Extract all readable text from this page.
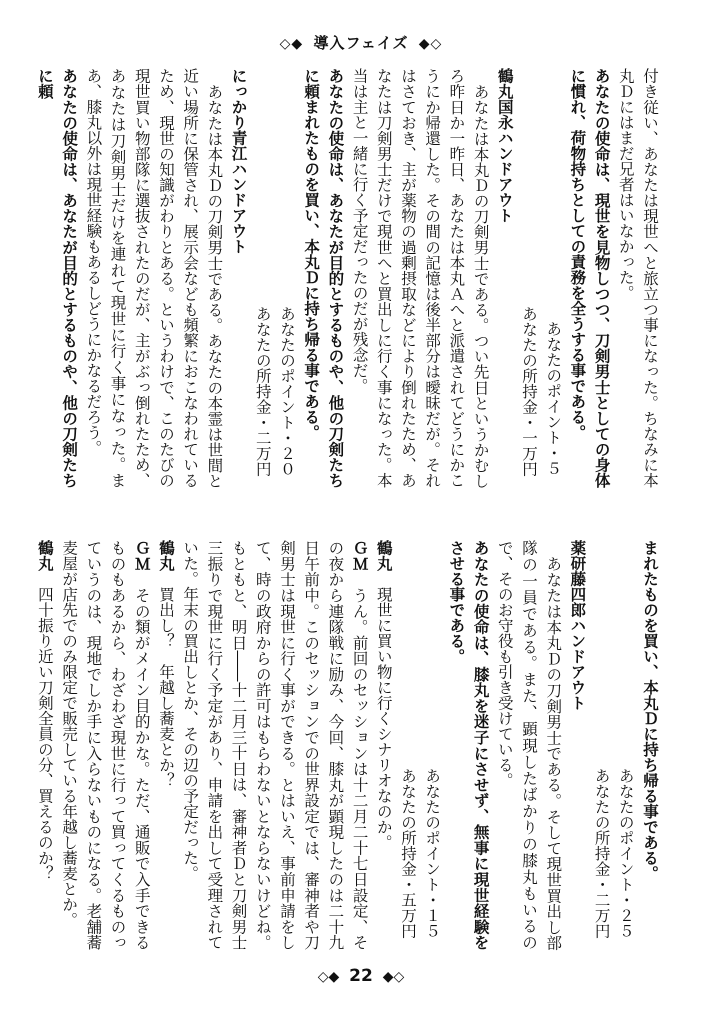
◇◆ 導入フェイズ ◆◇

付き従い、あなたは現世へと旅立つ事になった。ちなみに本丸Ｄにはまだ兄者はいなかった。

あなたの使命は、現世を見物しつつ、刀剣男士としての身体に慣れ、荷物持ちとしての責務を全うする事である。

あなたのポイント・５

あなたの所持金・一万円

鶴丸国永ハンドアウト

あなたは本丸Ｄの刀剣男士である。つい先日というかむしろ昨日か一昨日、あなたは本丸Ａへと派遣されてどうにかこうにか帰還した。その間の記憶は後半部分は曖昧だが。それはさておき、主が薬物の過剰摂取などにより倒れたため、あなたは刀剣男士だけで現世へと買出しに行く事になった。本当は主と一緒に行く予定だったのだが残念だ。

あなたの使命は、あなたが目的とするものや、他の刀剣たちに頼まれたものを買い、本丸Ｄに持ち帰る事である。

あなたのポイント・２０

あなたの所持金・二万円

にっかり青江ハンドアウト

あなたは本丸Ｄの刀剣男士である。あなたの本霊は世間と近い場所に保管され、展示会なども頻繁におこなわれているため、現世の知識がわりとある。というわけで、このたびの現世買い物部隊に選抜されたのだが、主がぶっ倒れたため、あなたは刀剣男士だけを連れて現世に行く事になった。まあ、膝丸以外は現世経験もあるしどうにかなるだろう。

あなたの使命は、あなたが目的とするものや、他の刀剣たちに頼

まれたものを買い、本丸Ｄに持ち帰る事である。

あなたのポイント・２５

あなたの所持金・二万円

薬研藤四郎ハンドアウト

あなたは本丸Ｄの刀剣男士である。そして現世買出し部隊の一員である。また、顕現したばかりの膝丸もいるので、そのお守役も引き受けている。

あなたの使命は、膝丸を迷子にさせず、無事に現世経験をさせる事である。

あなたのポイント・１５

あなたの所持金・五万円

鶴丸　現世に買い物に行くシナリオなのか。

ＧＭ　うん。前回のセッションは十二月二十七日設定、その夜から連隊戦に励み、今回、膝丸が顕現したのは二十九日午前中。このセッションでの世界設定では、審神者や刀剣男士は現世に行く事ができる。とはいえ、事前申請をして、時の政府からの許可はもらわないとならないけどね。もともと、明日――十二月三十日は、審神者Ｄと刀剣男士三振りで現世に行く予定があり、申請を出して受理されていた。年末の買出しとか、その辺の予定だった。

鶴丸　買出し？　年越し蕎麦とか？

ＧＭ　その類がメイン目的かな。ただ、通販で入手できるものもあるから、わざわざ現世に行って買ってくるものっていうのは、現地でしか手に入らないものになる。老舗蕎麦屋が店先でのみ限定で販売している年越し蕎麦とか。

鶴丸　四十振り近い刀剣全員の分、買えるのか？

◇◆ 22 ◆◇
